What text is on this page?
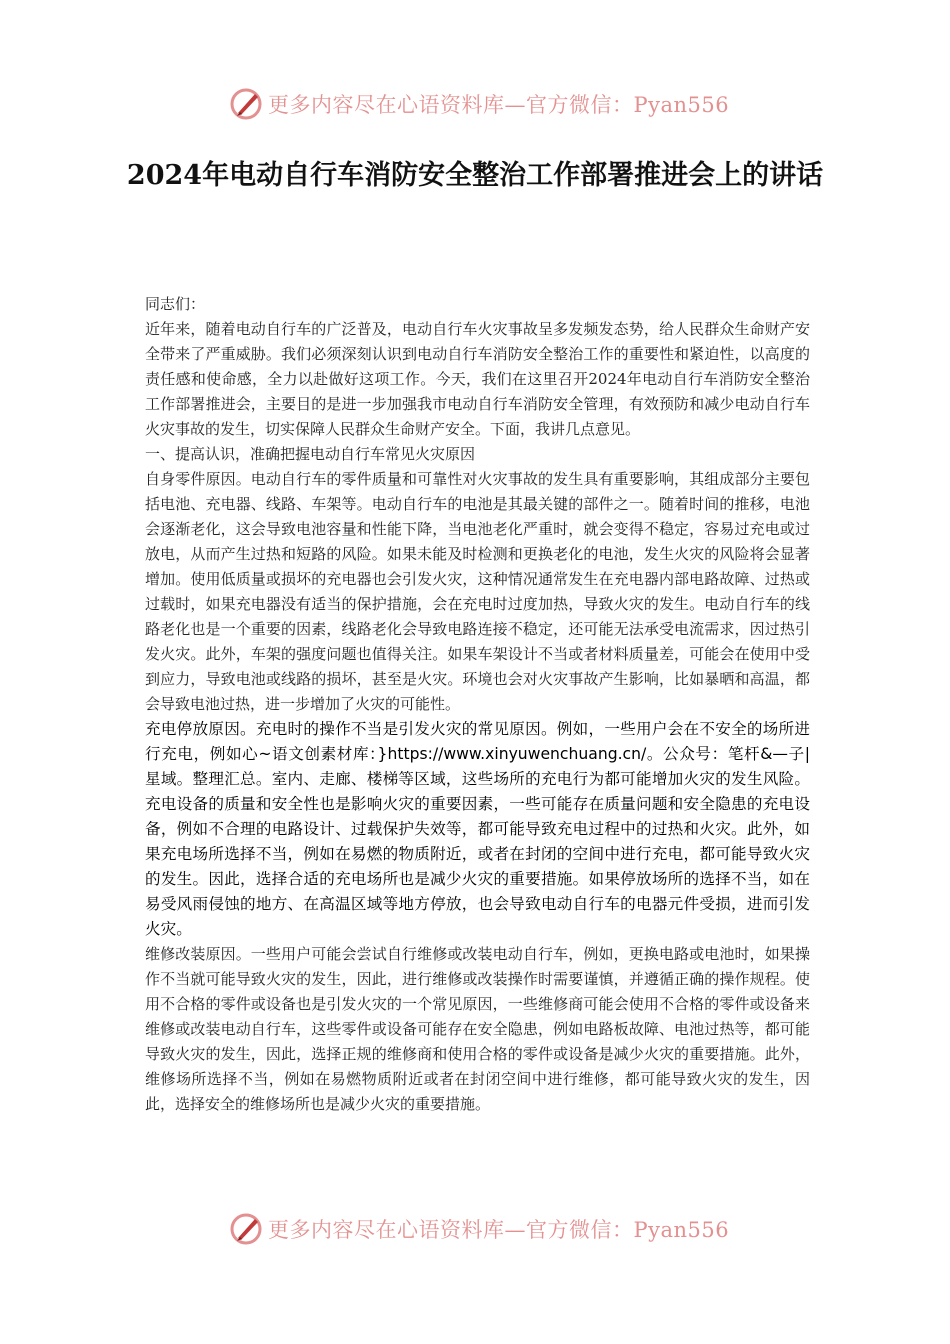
更多内容尽在心语资料库—官方微信：Pyan556
2024年电动自行车消防安全整治工作部署推进会上的讲话

同志们：

近年来，随着电动自行车的广泛普及，电动自行车火灾事故呈多发频发态势，给人民群众生命财产安全带来了严重威胁。我们必须深刻认识到电动自行车消防安全整治工作的重要性和紧迫性，以高度的责任感和使命感，全力以赴做好这项工作。今天，我们在这里召开2024年电动自行车消防安全整治工作部署推进会，主要目的是进一步加强我市电动自行车消防安全管理，有效预防和减少电动自行车火灾事故的发生，切实保障人民群众生命财产安全。下面，我讲几点意见。

一、提高认识，准确把握电动自行车常见火灾原因

自身零件原因。电动自行车的零件质量和可靠性对火灾事故的发生具有重要影响，其组成部分主要包括电池、充电器、线路、车架等。电动自行车的电池是其最关键的部件之一。随着时间的推移，电池会逐渐老化，这会导致电池容量和性能下降，当电池老化严重时，就会变得不稳定，容易过充电或过放电，从而产生过热和短路的风险。如果未能及时检测和更换老化的电池，发生火灾的风险将会显著增加。使用低质量或损坏的充电器也会引发火灾，这种情况通常发生在充电器内部电路故障、过热或过载时，如果充电器没有适当的保护措施，会在充电时过度加热，导致火灾的发生。电动自行车的线路老化也是一个重要的因素，线路老化会导致电路连接不稳定，还可能无法承受电流需求，因过热引发火灾。此外，车架的强度问题也值得关注。如果车架设计不当或者材料质量差，可能会在使用中受到应力，导致电池或线路的损坏，甚至是火灾。环境也会对火灾事故产生影响，比如暴晒和高温，都会导致电池过热，进一步增加了火灾的可能性。

充电停放原因。充电时的操作不当是引发火灾的常见原因。例如，一些用户会在不安全的场所进行充电，例如心~语文创素材库：}https://www.xinyuwenchuang.cn/。公众号：笔杆&—子|星域。整理汇总。室内、走廊、楼梯等区域，这些场所的充电行为都可能增加火灾的发生风险。充电设备的质量和安全性也是影响火灾的重要因素，一些可能存在质量问题和安全隐患的充电设备，例如不合理的电路设计、过载保护失效等，都可能导致充电过程中的过热和火灾。此外，如果充电场所选择不当，例如在易燃的物质附近，或者在封闭的空间中进行充电，都可能导致火灾的发生。因此，选择合适的充电场所也是减少火灾的重要措施。如果停放场所的选择不当，如在易受风雨侵蚀的地方、在高温区域等地方停放，也会导致电动自行车的电器元件受损，进而引发火灾。

维修改装原因。一些用户可能会尝试自行维修或改装电动自行车，例如，更换电路或电池时，如果操作不当就可能导致火灾的发生，因此，进行维修或改装操作时需要谨慎，并遵循正确的操作规程。使用不合格的零件或设备也是引发火灾的一个常见原因，一些维修商可能会使用不合格的零件或设备来维修或改装电动自行车，这些零件或设备可能存在安全隐患，例如电路板故障、电池过热等，都可能导致火灾的发生，因此，选择正规的维修商和使用合格的零件或设备是减少火灾的重要措施。此外，维修场所选择不当，例如在易燃物质附近或者在封闭空间中进行维修，都可能导致火灾的发生，因此，选择安全的维修场所也是减少火灾的重要措施。

更多内容尽在心语资料库—官方微信：Pyan556
